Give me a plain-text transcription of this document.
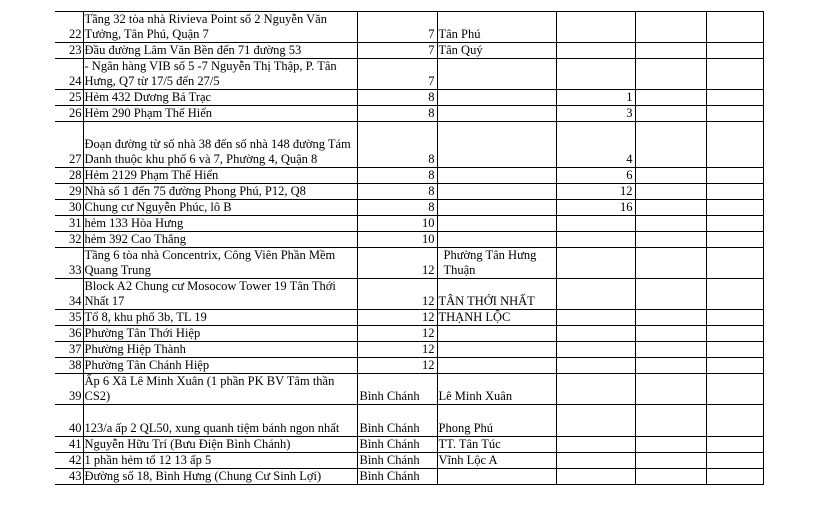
22	Tầng 32 tòa nhà Rivieva Point số 2 Nguyễn Văn Tưởng, Tân Phú, Quận 7	7	Tân Phú			
23	Đầu đường Lâm Văn Bền đến 71 đường 53	7	Tân Quý			
24	- Ngân hàng VIB số 5 -7 Nguyễn Thị Thập, P. Tân Hưng, Q7 từ 17/5 đến 27/5	7				
25	Hẻm 432 Dương Bá Trạc	8		1		
26	Hẻm 290 Phạm Thế Hiển	8		3		
27	Đoạn đường từ số nhà 38 đến số nhà 148 đường Tám Danh thuộc khu phố 6 và 7, Phường 4, Quận 8	8		4		
28	Hẻm 2129 Phạm Thế Hiển	8		6		
29	Nhà số 1 đến 75 đường Phong Phú, P12, Q8	8		12		
30	Chung cư Nguyễn Phúc, lô B	8		16		
31	hẻm 133 Hòa Hưng	10				
32	hẻm 392 Cao Thắng	10				
33	Tầng 6 tòa nhà Concentrix, Công Viên Phần Mềm Quang Trung	12	Phường Tân Hưng Thuận			
34	Block A2 Chung cư Mosocow Tower 19 Tân Thới Nhất 17	12	TÂN THỚI NHẤT			
35	Tổ 8, khu phố 3b, TL 19	12	THẠNH LỘC			
36	Phường Tân Thới Hiệp	12				
37	Phường Hiệp Thành	12				
38	Phường Tân Chánh Hiệp	12				
39	Ấp 6 Xã Lê Minh Xuân (1 phần PK BV Tâm thần CS2)	Bình Chánh	Lê Minh Xuân			
40	123/a ấp 2 QL50, xung quanh tiệm bánh ngon nhất	Bình Chánh	Phong Phú			
41	Nguyễn Hữu Trí (Bưu Điện Bình Chánh)	Bình Chánh	TT. Tân Túc			
42	1 phần hẻm tổ 12 13 ấp 5	Bình Chánh	Vĩnh Lộc A			
43	Đường số 18, Bình Hưng (Chung Cư Sinh Lợi)	Bình Chánh				
